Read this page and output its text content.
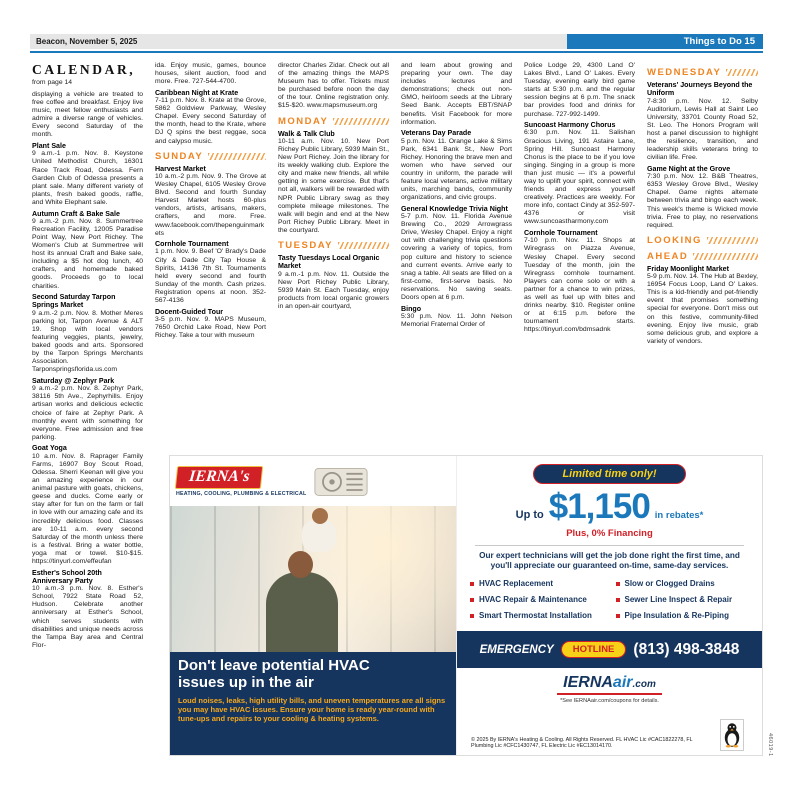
Beacon, November 5, 2025	Things to Do 15
CALENDAR,
from page 14
displaying a vehicle are treated to free coffee and breakfast. Enjoy live music, meet fellow enthusiasts and admire a diverse range of vehicles. Every second Saturday of the month.
Plant Sale
9 a.m.-1 p.m. Nov. 8. Keystone United Methodist Church, 16301 Race Track Road, Odessa. Fern Garden Club of Odessa presents a plant sale. Many different variety of plants, fresh baked goods, raffle, and White Elephant sale.
Autumn Craft & Bake Sale
9 a.m.-2 p.m. Nov. 8. Summertree Recreation Facility, 12005 Paradise Point Way, New Port Richey. The Women's Club at Summertree will host its annual Craft and Bake sale, including a $5 hot dog lunch, 40 crafters, and homemade baked goods. Proceeds go to local charities.
Second Saturday Tarpon Springs Market
9 a.m.-2 p.m. Nov. 8. Mother Meres parking lot, Tarpon Avenue & ALT 19. Shop with local vendors featuring veggies, plants, jewelry, baked goods and arts. Sponsored by the Tarpon Springs Merchants Association. Tarponspringsflorida.us.com
Saturday @ Zephyr Park
9 a.m.-2 p.m. Nov. 8. Zephyr Park, 38116 5th Ave., Zephyrhills. Enjoy artisan works and delicious eclectic choice of faire at Zephyr Park. A monthly event with something for everyone. Free admission and free parking.
Goat Yoga
10 a.m. Nov. 8. Raprager Family Farms, 16907 Boy Scout Road, Odessa. Sherri Keenan will give you an amazing experience in our animal pasture with goats, chickens, geese and ducks. Come early or stay after for fun on the farm or fall in love with our amazing cafe and its incredibly delicious food. Classes are 10-11 a.m. every second Saturday of the month unless there is a festival. Bring a water bottle, yoga mat or towel. $10-$15. https://tinyurl.com/effeufan
Esther's School 20th Anniversary Party
10 a.m.-3 p.m. Nov. 8. Esther's School, 7922 State Road 52, Hudson. Celebrate another anniversary at Esther's School, which serves students with disabilities and unique needs across the Tampa Bay area and Central Flor-
ida. Enjoy music, games, bounce houses, silent auction, food and more. Free. 727-544-4700.
Caribbean Night at Krate
7-11 p.m. Nov. 8. Krate at the Grove, 5862 Goldview Parkway, Wesley Chapel. Every second Saturday of the month, head to the Krate, where DJ Q spins the best reggae, soca and calypso music.
SUNDAY
Harvest Market
10 a.m.-2 p.m. Nov. 9. The Grove at Wesley Chapel, 6105 Wesley Grove Blvd. Second and fourth Sunday Harvest Market hosts 60-plus vendors, artists, artisans, makers, crafters, and more. Free. www.facebook.com/thepenguinmarkets
Cornhole Tournament
1 p.m. Nov. 9. Beef 'O' Brady's Dade City & Dade City Tap House & Spirits, 14136 7th St. Tournaments held every second and fourth Sunday of the month. Cash prizes. Registration opens at noon. 352-567-4136
Docent-Guided Tour
3-5 p.m. Nov. 9. MAPS Museum, 7650 Orchid Lake Road, New Port Richey. Take a tour with museum
director Charles Zidar. Check out all of the amazing things the MAPS Museum has to offer. Tickets must be purchased before noon the day of the tour. Online registration only. $15-$20. www.mapsmuseum.org
MONDAY
Walk & Talk Club
10-11 a.m. Nov. 10. New Port Richey Public Library, 5939 Main St., New Port Richey. Join the library for its weekly walking club. Explore the city and make new friends, all while getting in some exercise. But that's not all, walkers will be rewarded with NPR Public Library swag as they complete mileage milestones. The walk will begin and end at the New Port Richey Public Library. Meet in the courtyard.
TUESDAY
Tasty Tuesdays Local Organic Market
9 a.m.-1 p.m. Nov. 11. Outside the New Port Richey Public Library, 5939 Main St. Each Tuesday, enjoy products from local organic growers in an open-air courtyard,
and learn about growing and preparing your own. The day includes lectures and demonstrations; check out non-GMO, heirloom seeds at the Library Seed Bank. Accepts EBT/SNAP benefits. Visit Facebook for more information.
Veterans Day Parade
5 p.m. Nov. 11. Orange Lake & Sims Park, 6341 Bank St., New Port Richey. Honoring the brave men and women who have served our country in uniform, the parade will feature local veterans, active military units, marching bands, community organizations, and civic groups.
General Knowledge Trivia Night
5-7 p.m. Nov. 11. Florida Avenue Brewing Co., 2029 Arrowgrass Drive, Wesley Chapel. Enjoy a night out with challenging trivia questions covering a variety of topics, from pop culture and history to science and current events. Arrive early to snag a table. All seats are filled on a first-come, first-serve basis. No reservations. No saving seats. Doors open at 6 p.m.
Bingo
5:30 p.m. Nov. 11. John Nelson Memorial Fraternal Order of
Police Lodge 29, 4300 Land O' Lakes Blvd., Land O' Lakes. Every Tuesday, evening early bird game starts at 5:30 p.m. and the regular session begins at 6 p.m. The snack bar provides food and drinks for purchase. 727-992-1499.
Suncoast Harmony Chorus
6:30 p.m. Nov. 11. Salishan Gracious Living, 191 Astaire Lane, Spring Hill. Suncoast Harmony Chorus is the place to be if you love singing. Singing in a group is more than just music — it's a powerful way to uplift your spirit, connect with friends and express yourself creatively. Practices are weekly. For more info, contact Cindy at 352-597-4376 or visit www.suncoastharmony.com
Cornhole Tournament
7-10 p.m. Nov. 11. Shops at Wiregrass on Piazza Avenue, Wesley Chapel. Every second Tuesday of the month, join the Wiregrass cornhole tournament. Players can come solo or with a partner for a chance to win prizes, as well as fuel up with bites and drinks nearby. $10. Register online or at 6:15 p.m. before the tournament starts. https://tinyurl.com/bdmsadnk
WEDNESDAY
Veterans' Journeys Beyond the Uniform
7-8:30 p.m. Nov. 12. Selby Auditorium, Lewis Hall at Saint Leo University, 33701 County Road 52, St. Leo. The Honors Program will host a panel discussion to highlight the resilience, transition, and leadership skills veterans bring to civilian life. Free.
Game Night at the Grove
7:30 p.m. Nov. 12. B&B Theatres, 6353 Wesley Grove Blvd., Wesley Chapel. Game nights alternate between trivia and bingo each week. This week's theme is Wicked movie trivia. Free to play, no reservations required.
LOOKING
AHEAD
Friday Moonlight Market
5-9 p.m. Nov. 14. The Hub at Bexley, 16954 Focus Loop, Land O' Lakes. This is a kid-friendly and pet-friendly event that promises something special for everyone. Don't miss out on this festive, community-filled evening. Enjoy live music, grab some delicious grub, and explore a variety of vendors.
IERNA's
HEATING, COOLING, PLUMBING & ELECTRICAL
Don't leave potential HVAC issues up in the air
Loud noises, leaks, high utility bills, and uneven temperatures are all signs you may have HVAC issues. Ensure your home is ready year-round with tune-ups and repairs to your cooling & heating systems.
Limited time only!
Up to $1,150 in rebates*
Plus, 0% Financing
Our expert technicians will get the job done right the first time, and you'll appreciate our guaranteed on-time, same-day services.
HVAC Replacement
HVAC Repair & Maintenance
Smart Thermostat Installation
Slow or Clogged Drains
Sewer Line Inspect & Repair
Pipe Insulation & Re-Piping
EMERGENCY	HOTLINE	(813) 498-3848
IERNAair.com
*See IERNAair.com/coupons for details.
© 2025 By IERNA's Heating & Cooling. All Rights Reserved. FL HVAC Lic #CAC1822278, FL Plumbing Lic #CFC1430747, FL Electric Lic #EC13014170.	46019-1
